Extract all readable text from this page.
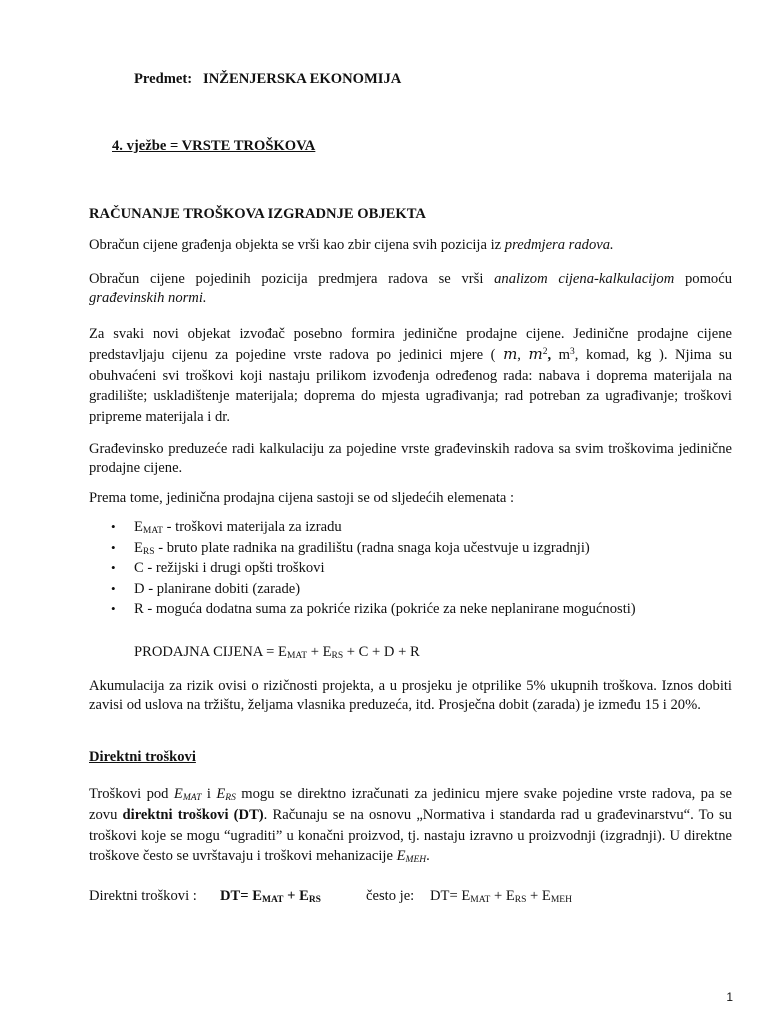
Predmet: INŽENJERSKA EKONOMIJA
4. vježbe = VRSTE TROŠKOVA
RAČUNANJE TROŠKOVA IZGRADNJE OBJEKTA

Obračun cijene građenja objekta se vrši kao zbir cijena svih pozicija iz predmjera radova.

Obračun cijene pojedinih pozicija predmjera radova se vrši analizom cijena-kalkulacijom pomoću građevinskih normi.

Za svaki novi objekat izvođač posebno formira jedinične prodajne cijene. Jedinične prodajne cijene predstavljaju cijenu za pojedine vrste radova po jedinici mjere ( m, $m^2$, $m^3$, komad, kg ). Njima su obuhvaćeni svi troškovi koji nastaju prilikom izvođenja određenog rada: nabava i doprema materijala na gradilište; uskladištenje materijala; doprema do mjesta ugrađivanja; rad potreban za ugrađivanje; troškovi pripreme materijala i dr.

Građevinsko preduzeće radi kalkulaciju za pojedine vrste građevinskih radova sa svim troškovima jedinične prodajne cijene.

Prema tome, jedinična prodajna cijena sastoji se od sljedećih elemenata :

• $E_{MAT}$ - troškovi materijala za izradu
• $E_{RS}$ - bruto plate radnika na gradilištu (radna snaga koja učestvuje u izgradnji)
• C - režijski i drugi opšti troškovi
• D - planirane dobiti (zarade)
• R - moguća dodatna suma za pokriće rizika (pokriće za neke neplanirane mogućnosti)
PRODAJNA CIJENA = $E_{MAT} + E_{RS} + C + D + R$

Akumulacija za rizik ovisi o rizičnosti projekta, a u prosjeku je otprilike 5% ukupnih troškova. Iznos dobiti zavisi od uslova na tržištu, željama vlasnika preduzeća, itd. Prosječna dobit (zarada) je između 15 i 20%.

Direktni troškovi

Troškovi pod $E_{MAT}$ i $E_{RS}$ mogu se direktno izračunati za jedinicu mjere svake pojedine vrste radova, pa se zovu direktni troškovi (DT). Računaju se na osnovu „Normativa i standarda rad u građevinarstvu“. To su troškovi koje se mogu “ugraditi” u konačni proizvod, tj. nastaju izravno u proizvodnji (izgradnji). U direktne troškove često se uvrštavaju i troškovi mehanizacije $E_{MEH}$.

Direktni troškovi : $DT= E_{MAT} + E_{RS}$	često je: $DT= E_{MAT} + E_{RS} + E_{MEH}$
1
